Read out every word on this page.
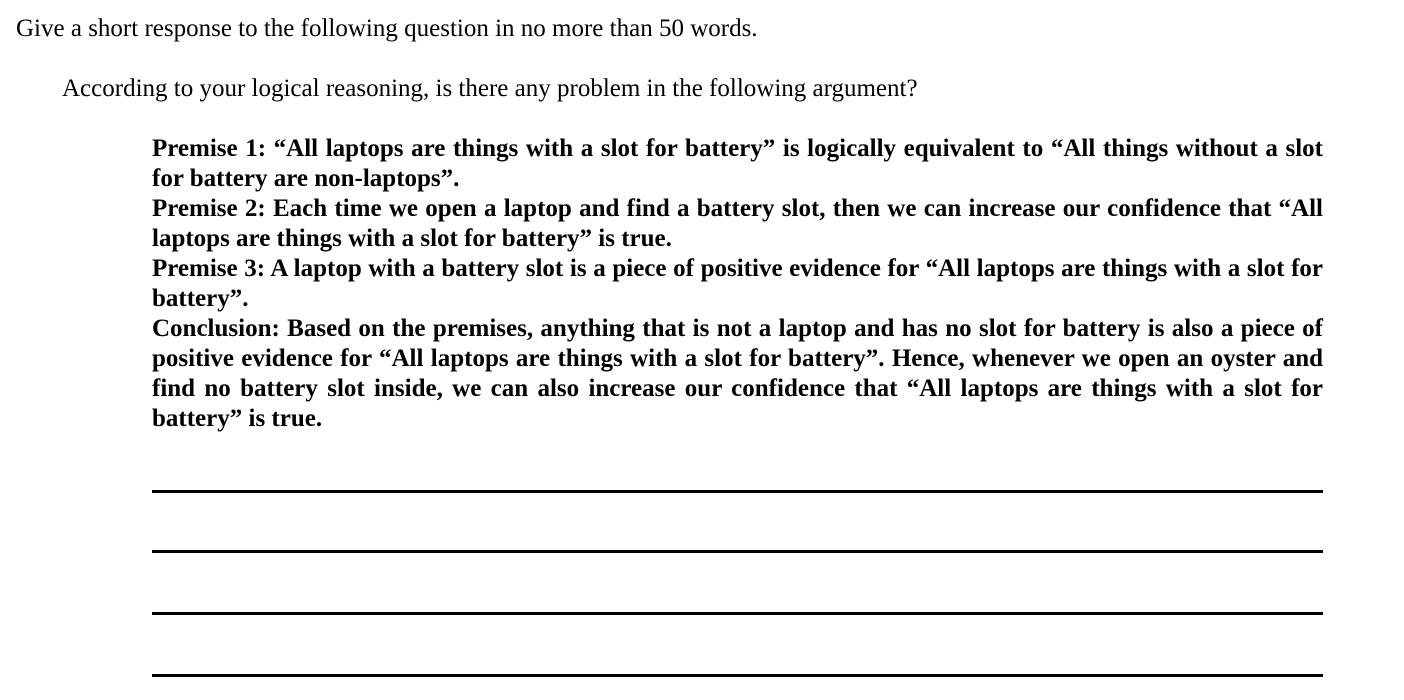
Give a short response to the following question in no more than 50 words.
According to your logical reasoning, is there any problem in the following argument?

Premise 1: “All laptops are things with a slot for battery” is logically equivalent to “All things without a slot for battery are non-laptops”.

Premise 2: Each time we open a laptop and find a battery slot, then we can increase our confidence that “All laptops are things with a slot for battery” is true.

Premise 3: A laptop with a battery slot is a piece of positive evidence for “All laptops are things with a slot for battery”.

Conclusion: Based on the premises, anything that is not a laptop and has no slot for battery is also a piece of positive evidence for “All laptops are things with a slot for battery”. Hence, whenever we open an oyster and find no battery slot inside, we can also increase our confidence that “All laptops are things with a slot for battery” is true.
